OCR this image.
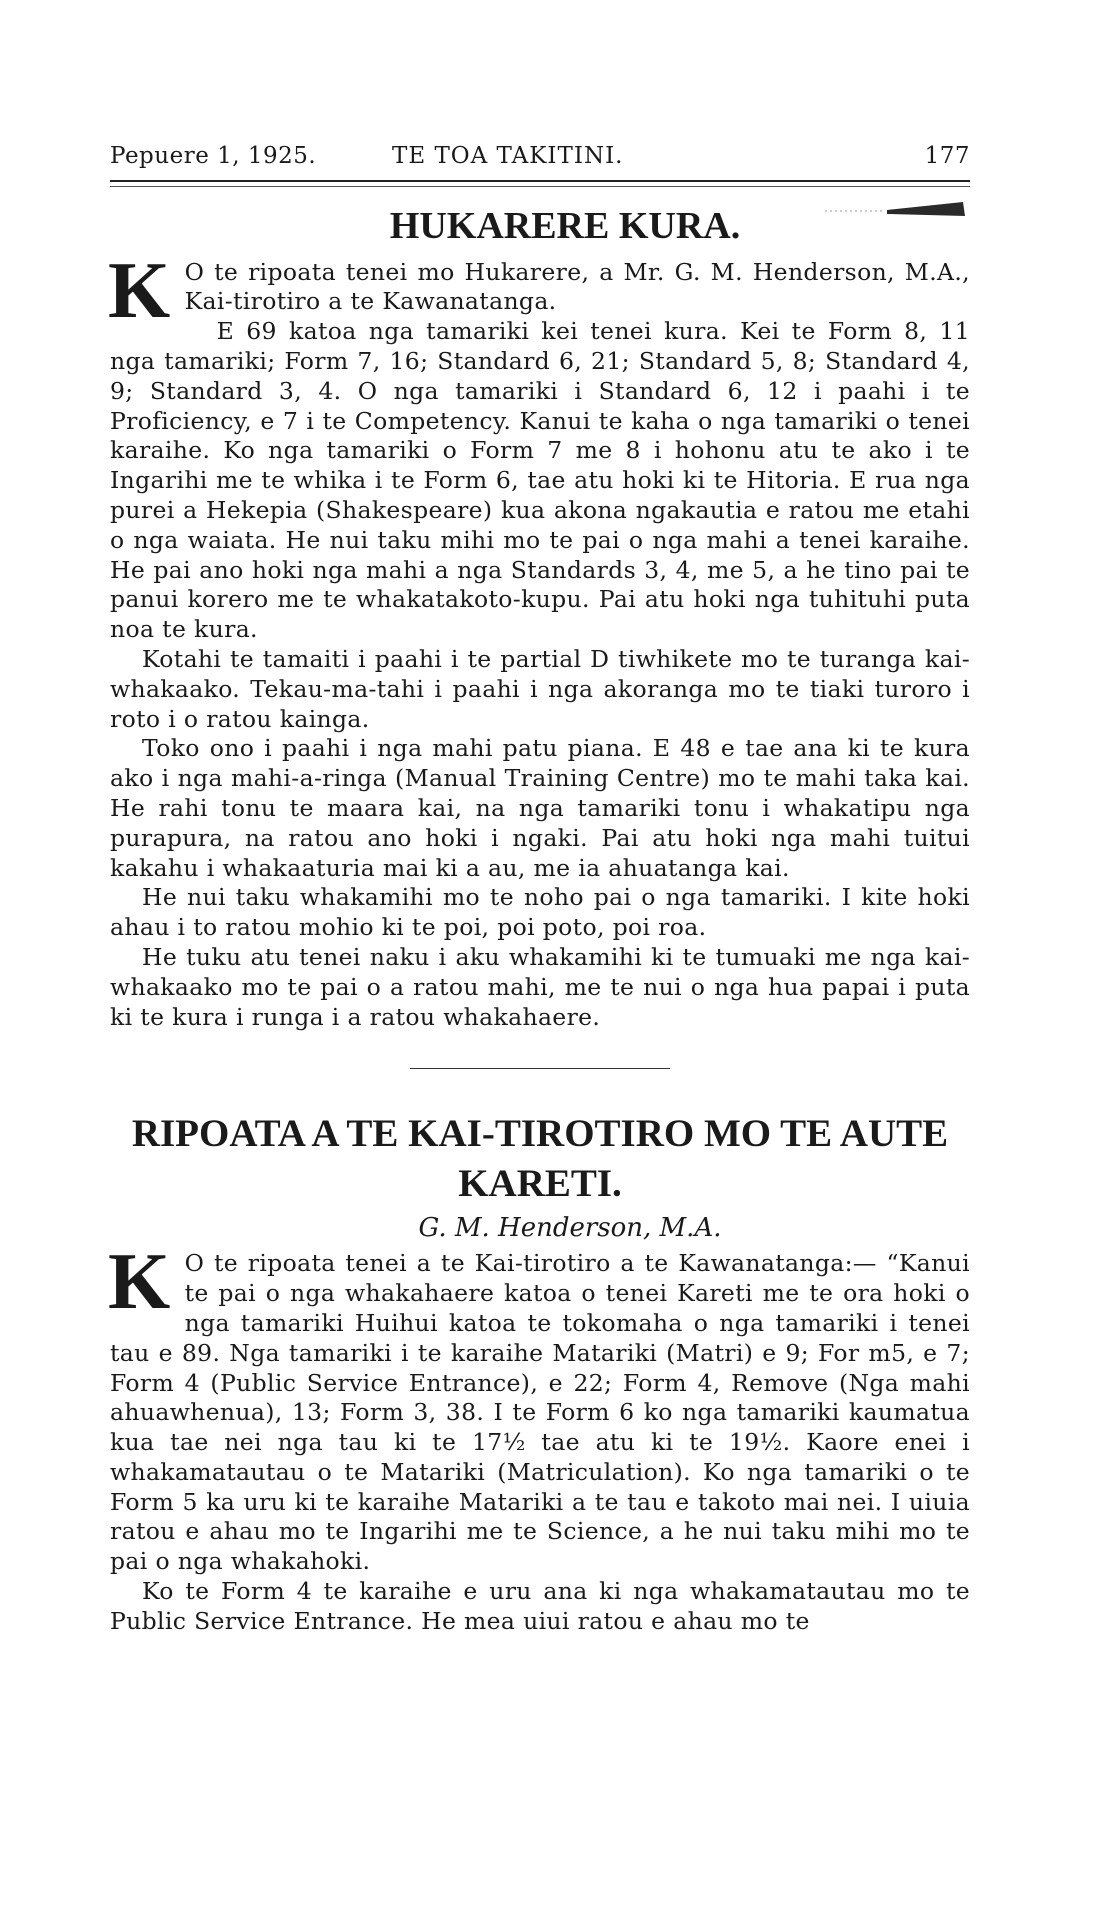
Pepuere 1, 1925.	TE TOA TAKITINI.	177
HUKARERE KURA.

K O te ripoata tenei mo Hukarere, a Mr. G. M. Henderson, M.A., Kai-tirotiro a te Kawanatanga.

E 69 katoa nga tamariki kei tenei kura. Kei te Form 8, 11 nga tamariki; Form 7, 16; Standard 6, 21; Standard 5, 8; Standard 4, 9; Standard 3, 4. O nga tamariki i Standard 6, 12 i paahi i te Proficiency, e 7 i te Competency. Kanui te kaha o nga tamariki o tenei karaihe. Ko nga tamariki o Form 7 me 8 i hohonu atu te ako i te Ingarihi me te whika i te Form 6, tae atu hoki ki te Hitoria. E rua nga purei a Hekepia (Shakespeare) kua akona ngakautia e ratou me etahi o nga waiata. He nui taku mihi mo te pai o nga mahi a tenei karaihe. He pai ano hoki nga mahi a nga Standards 3, 4, me 5, a he tino pai te panui korero me te whakatakoto-kupu. Pai atu hoki nga tuhituhi puta noa te kura.

Kotahi te tamaiti i paahi i te partial D tiwhikete mo te turanga kai-whakaako. Tekau-ma-tahi i paahi i nga akoranga mo te tiaki turoro i roto i o ratou kainga.

Toko ono i paahi i nga mahi patu piana. E 48 e tae ana ki te kura ako i nga mahi-a-ringa (Manual Training Centre) mo te mahi taka kai. He rahi tonu te maara kai, na nga tamariki tonu i whakatipu nga purapura, na ratou ano hoki i ngaki. Pai atu hoki nga mahi tuitui kakahu i whakaaturia mai ki a au, me ia ahuatanga kai.

He nui taku whakamihi mo te noho pai o nga tamariki. I kite hoki ahau i to ratou mohio ki te poi, poi poto, poi roa.

He tuku atu tenei naku i aku whakamihi ki te tumuaki me nga kai-whakaako mo te pai o a ratou mahi, me te nui o nga hua papai i puta ki te kura i runga i a ratou whakahaere.

RIPOATA A TE KAI-TIROTIRO MO TE AUTE
KARETI.
G. M. Henderson, M.A.

K O te ripoata tenei a te Kai-tirotiro a te Kawanatanga:— “Kanui te pai o nga whakahaere katoa o tenei Kareti me te ora hoki o nga tamariki Huihui katoa te tokomaha o nga tamariki i tenei tau e 89. Nga tamariki i te karaihe Matariki (Matri) e 9; For m5, e 7; Form 4 (Public Service Entrance), e 22; Form 4, Remove (Nga mahi ahuawhenua), 13; Form 3, 38. I te Form 6 ko nga tamariki kaumatua kua tae nei nga tau ki te 17½ tae atu ki te 19½. Kaore enei i whakamatautau o te Matariki (Matriculation). Ko nga tamariki o te Form 5 ka uru ki te karaihe Matariki a te tau e takoto mai nei. I uiuia ratou e ahau mo te Ingarihi me te Science, a he nui taku mihi mo te pai o nga whakahoki.

Ko te Form 4 te karaihe e uru ana ki nga whakamatautau mo te Public Service Entrance. He mea uiui ratou e ahau mo te
